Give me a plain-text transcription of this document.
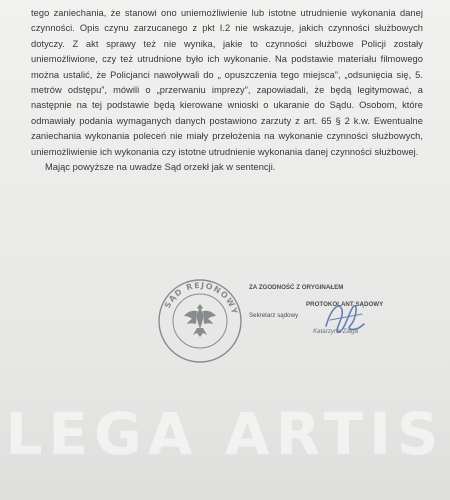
tego zaniechania, że stanowi ono uniemożliwienie lub istotne utrudnienie wykonania danej czynności. Opis czynu zarzucanego z pkt I.2 nie wskazuje, jakich czynności służbowych dotyczy. Z akt sprawy też nie wynika, jakie to czynności służbowe Policji zostały uniemożliwione, czy też utrudnione było ich wykonanie. Na podstawie materiału filmowego można ustalić, że Policjanci nawoływali do „ opuszczenia tego miejsca”, „odsunięcia się, 5. metrów odstępu”, mówili o „przerwaniu imprezy”, zapowiadali, że będą legitymować, a następnie na tej podstawie będą kierowane wnioski o ukaranie do Sądu. Osobom, które odmawiały podania wymaganych danych postawiono zarzuty z art. 65 § 2 k.w. Ewentualne zaniechania wykonania poleceń nie miały przełożenia na wykonanie czynności służbowych, uniemożliwienie ich wykonania czy istotne utrudnienie wykonania danej czynności służbowej.

Mając powyższe na uwadze Sąd orzekł jak w sentencji.

SĄD REJONOWY
ZA ZGODNOŚĆ Z ORYGINAŁEM
Sekretarz sądowy
PROTOKOLANT SĄDOWY
Katarzyna Zalga
LEGA ARTIS
